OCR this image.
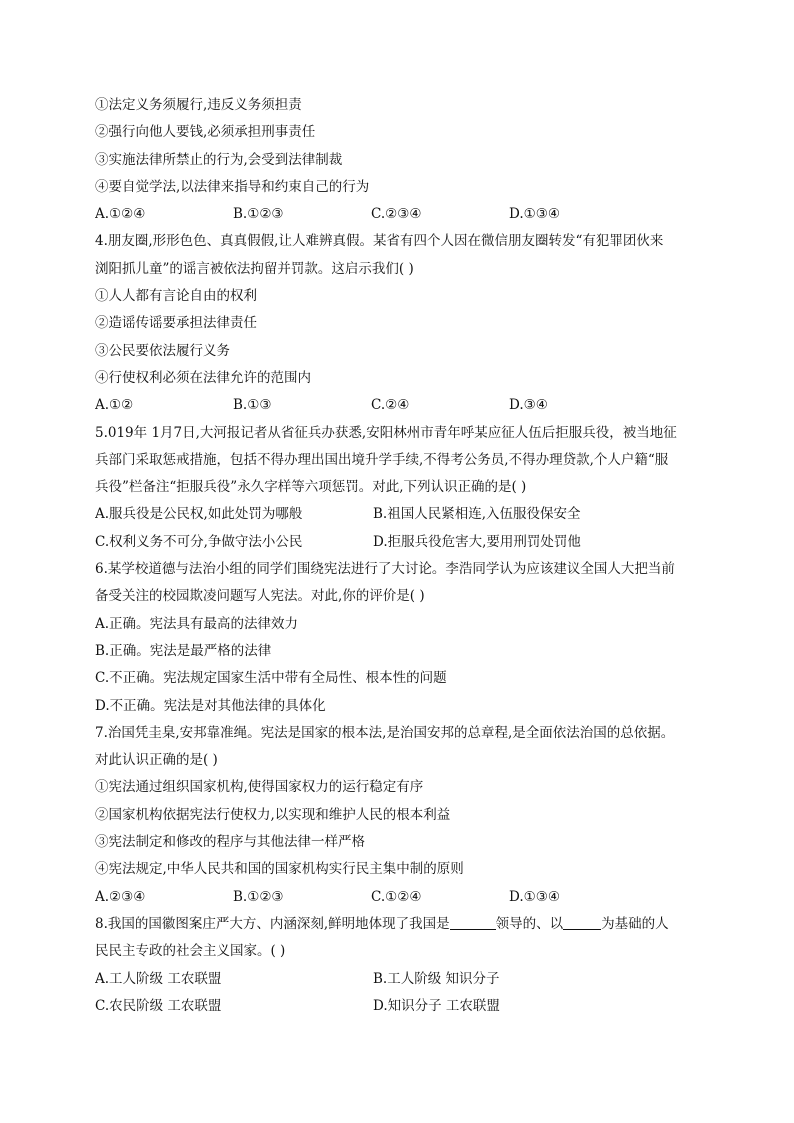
①法定义务须履行,违反义务须担责
②强行向他人要钱,必须承担刑事责任
③实施法律所禁止的行为,会受到法律制裁
④要自觉学法,以法律来指导和约束自己的行为
A.①②④	B.①②③	C.②③④	D.①③④
4.朋友圈,形形色色、真真假假,让人难辨真假。某省有四个人因在微信朋友圈转发“有犯罪团伙来
浏阳抓儿童”的谣言被依法拘留并罚款。这启示我们( )
①人人都有言论自由的权利
②造谣传谣要承担法律责任
③公民要依法履行义务
④行使权利必须在法律允许的范围内
A.①②	B.①③	C.②④	D.③④
5.019年 1月7日,大河报记者从省征兵办获悉,安阳林州市青年呼某应征人伍后拒服兵役，被当地征
兵部门采取惩戒措施，包括不得办理出国出境升学手续,不得考公务员,不得办理贷款,个人户籍“服
兵役”栏备注“拒服兵役”永久字样等六项惩罚。对此,下列认识正确的是( )
A.服兵役是公民权,如此处罚为哪般	B.祖国人民紧相连,入伍服役保安全
C.权利义务不可分,争做守法小公民	D.拒服兵役危害大,要用刑罚处罚他
6.某学校道德与法治小组的同学们围绕宪法进行了大讨论。李浩同学认为应该建议全国人大把当前
备受关注的校园欺凌问题写人宪法。对此,你的评价是( )
A.正确。宪法具有最高的法律效力
B.正确。宪法是最严格的法律
C.不正确。宪法规定国家生活中带有全局性、根本性的问题
D.不正确。宪法是对其他法律的具体化
7.治国凭圭臬,安邦靠准绳。宪法是国家的根本法,是治国安邦的总章程,是全面依法治国的总依据。
对此认识正确的是( )
①宪法通过组织国家机构,使得国家权力的运行稳定有序
②国家机构依据宪法行使权力,以实现和维护人民的根本利益
③宪法制定和修改的程序与其他法律一样严格
④宪法规定,中华人民共和国的国家机构实行民主集中制的原则
A.②③④	B.①②③	C.①②④	D.①③④
8.我国的国徽图案庄严大方、内涵深刻,鲜明地体现了我国是	领导的、以	为基础的人
民民主专政的社会主义国家。( )
A.工人阶级 工农联盟	B.工人阶级 知识分子
C.农民阶级 工农联盟	D.知识分子 工农联盟
